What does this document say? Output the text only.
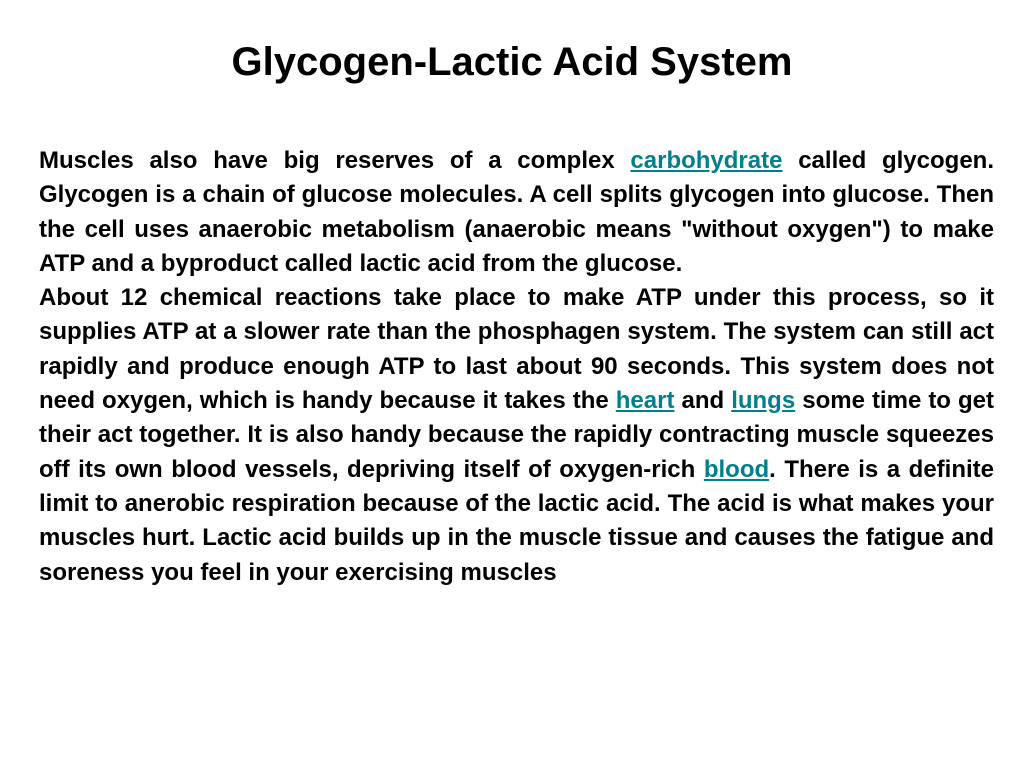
Glycogen-Lactic Acid System

Muscles also have big reserves of a complex carbohydrate called glycogen. Glycogen is a chain of glucose molecules. A cell splits glycogen into glucose. Then the cell uses anaerobic metabolism (anaerobic means "without oxygen") to make ATP and a byproduct called lactic acid from the glucose.

About 12 chemical reactions take place to make ATP under this process, so it supplies ATP at a slower rate than the phosphagen system. The system can still act rapidly and produce enough ATP to last about 90 seconds. This system does not need oxygen, which is handy because it takes the heart and lungs some time to get their act together. It is also handy because the rapidly contracting muscle squeezes off its own blood vessels, depriving itself of oxygen-rich blood. There is a definite limit to anerobic respiration because of the lactic acid. The acid is what makes your muscles hurt. Lactic acid builds up in the muscle tissue and causes the fatigue and soreness you feel in your exercising muscles
